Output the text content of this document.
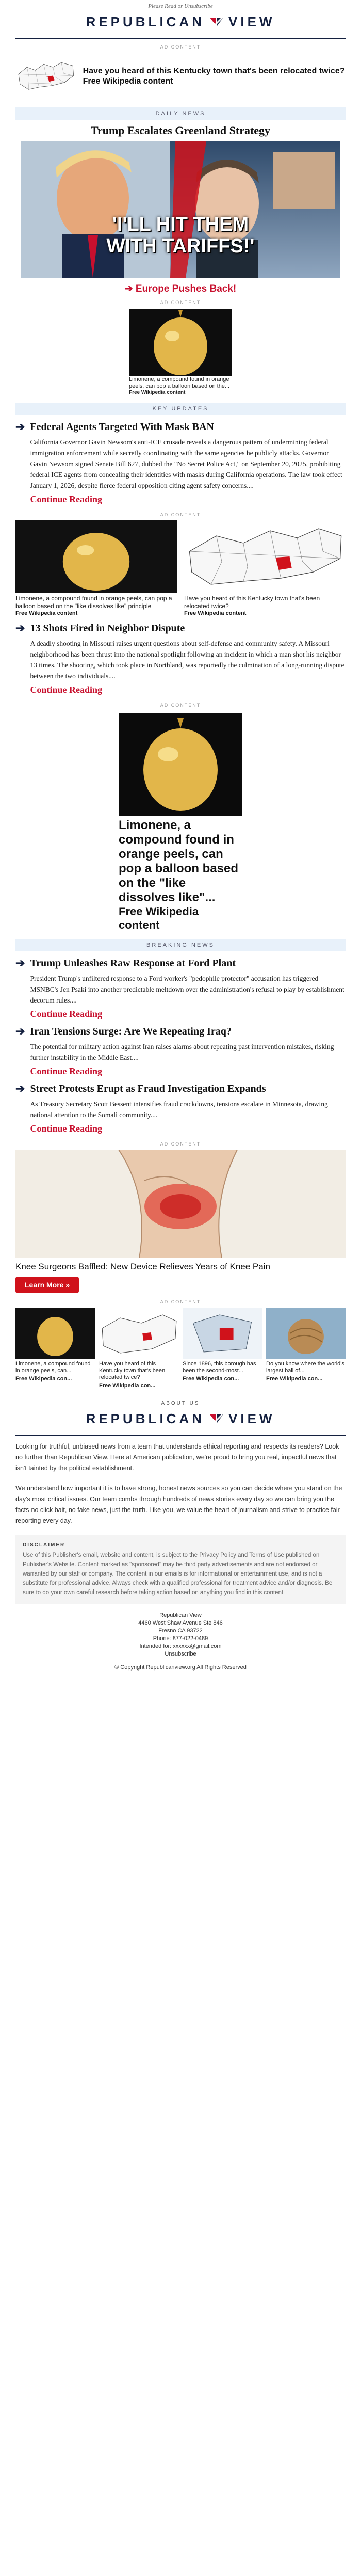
Please Read or Unsubscribe
REPUBLICAN VIEW
AD CONTENT
Have you heard of this Kentucky town that's been relocated twice? Free Wikipedia content
DAILY NEWS
Trump Escalates Greenland Strategy
'I'LL HIT THEM
WITH TARIFFS!'
➔ Europe Pushes Back!
AD CONTENT
Limonene, a compound found in orange peels, can pop a balloon based on the...
Free Wikipedia content
KEY UPDATES
➔ Federal Agents Targeted With Mask BAN
California Governor Gavin Newsom's anti-ICE crusade reveals a dangerous pattern of undermining federal immigration enforcement while secretly coordinating with the same agencies he publicly attacks. Governor Gavin Newsom signed Senate Bill 627, dubbed the "No Secret Police Act," on September 20, 2025, prohibiting federal ICE agents from concealing their identities with masks during California operations. The law took effect January 1, 2026, despite fierce federal opposition citing agent safety concerns....
Continue Reading
AD CONTENT
Limonene, a compound found in orange peels, can pop a balloon based on the "like dissolves like" principle
Free Wikipedia content
Have you heard of this Kentucky town that's been relocated twice?
Free Wikipedia content
➔ 13 Shots Fired in Neighbor Dispute
A deadly shooting in Missouri raises urgent questions about self-defense and community safety. A Missouri neighborhood has been thrust into the national spotlight following an incident in which a man shot his neighbor 13 times. The shooting, which took place in Northland, was reportedly the culmination of a long-running dispute between the two individuals....
Continue Reading
AD CONTENT
Limonene, a compound found in orange peels, can pop a balloon based on the "like dissolves like"...
Free Wikipedia content
BREAKING NEWS
➔ Trump Unleashes Raw Response at Ford Plant
President Trump's unfiltered response to a Ford worker's "pedophile protector" accusation has triggered MSNBC's Jen Psaki into another predictable meltdown over the administration's refusal to play by establishment decorum rules....
Continue Reading
➔ Iran Tensions Surge: Are We Repeating Iraq?
The potential for military action against Iran raises alarms about repeating past intervention mistakes, risking further instability in the Middle East....
Continue Reading
➔ Street Protests Erupt as Fraud Investigation Expands
As Treasury Secretary Scott Bessent intensifies fraud crackdowns, tensions escalate in Minnesota, drawing national attention to the Somali community....
Continue Reading
AD CONTENT
Knee Surgeons Baffled: New Device Relieves Years of Knee Pain
Learn More »
AD CONTENT
Limonene, a compound found in orange peels, can...
Free Wikipedia con...
Have you heard of this Kentucky town that's been relocated twice?
Free Wikipedia con...
Since 1896, this borough has been the second-most...
Free Wikipedia con...
Do you know where the world's largest ball of...
Free Wikipedia con...
ABOUT US
REPUBLICAN VIEW
Looking for truthful, unbiased news from a team that understands ethical reporting and respects its readers? Look no further than Republican View. Here at American publication, we're proud to bring you real, impactful news that isn't tainted by the political establishment.
We understand how important it is to have strong, honest news sources so you can decide where you stand on the day's most critical issues. Our team combs through hundreds of news stories every day so we can bring you the facts-no click bait, no fake news, just the truth. Like you, we value the heart of journalism and strive to practice fair reporting every day.
DISCLAIMER
Use of this Publisher's email, website and content, is subject to the Privacy Policy and Terms of Use published on Publisher's Website. Content marked as "sponsored" may be third party advertisements and are not endorsed or warranted by our staff or company. The content in our emails is for informational or entertainment use, and is not a substitute for professional advice. Always check with a qualified professional for treatment advice and/or diagnosis. Be sure to do your own careful research before taking action based on anything you find in this content
Republican View
4460 West Shaw Avenue Ste 846
Fresno CA 93722
Phone: 877-022-0489
Intended for: xxxxxx@gmail.com
Unsubscribe
© Copyright Republicanview.org All Rights Reserved
